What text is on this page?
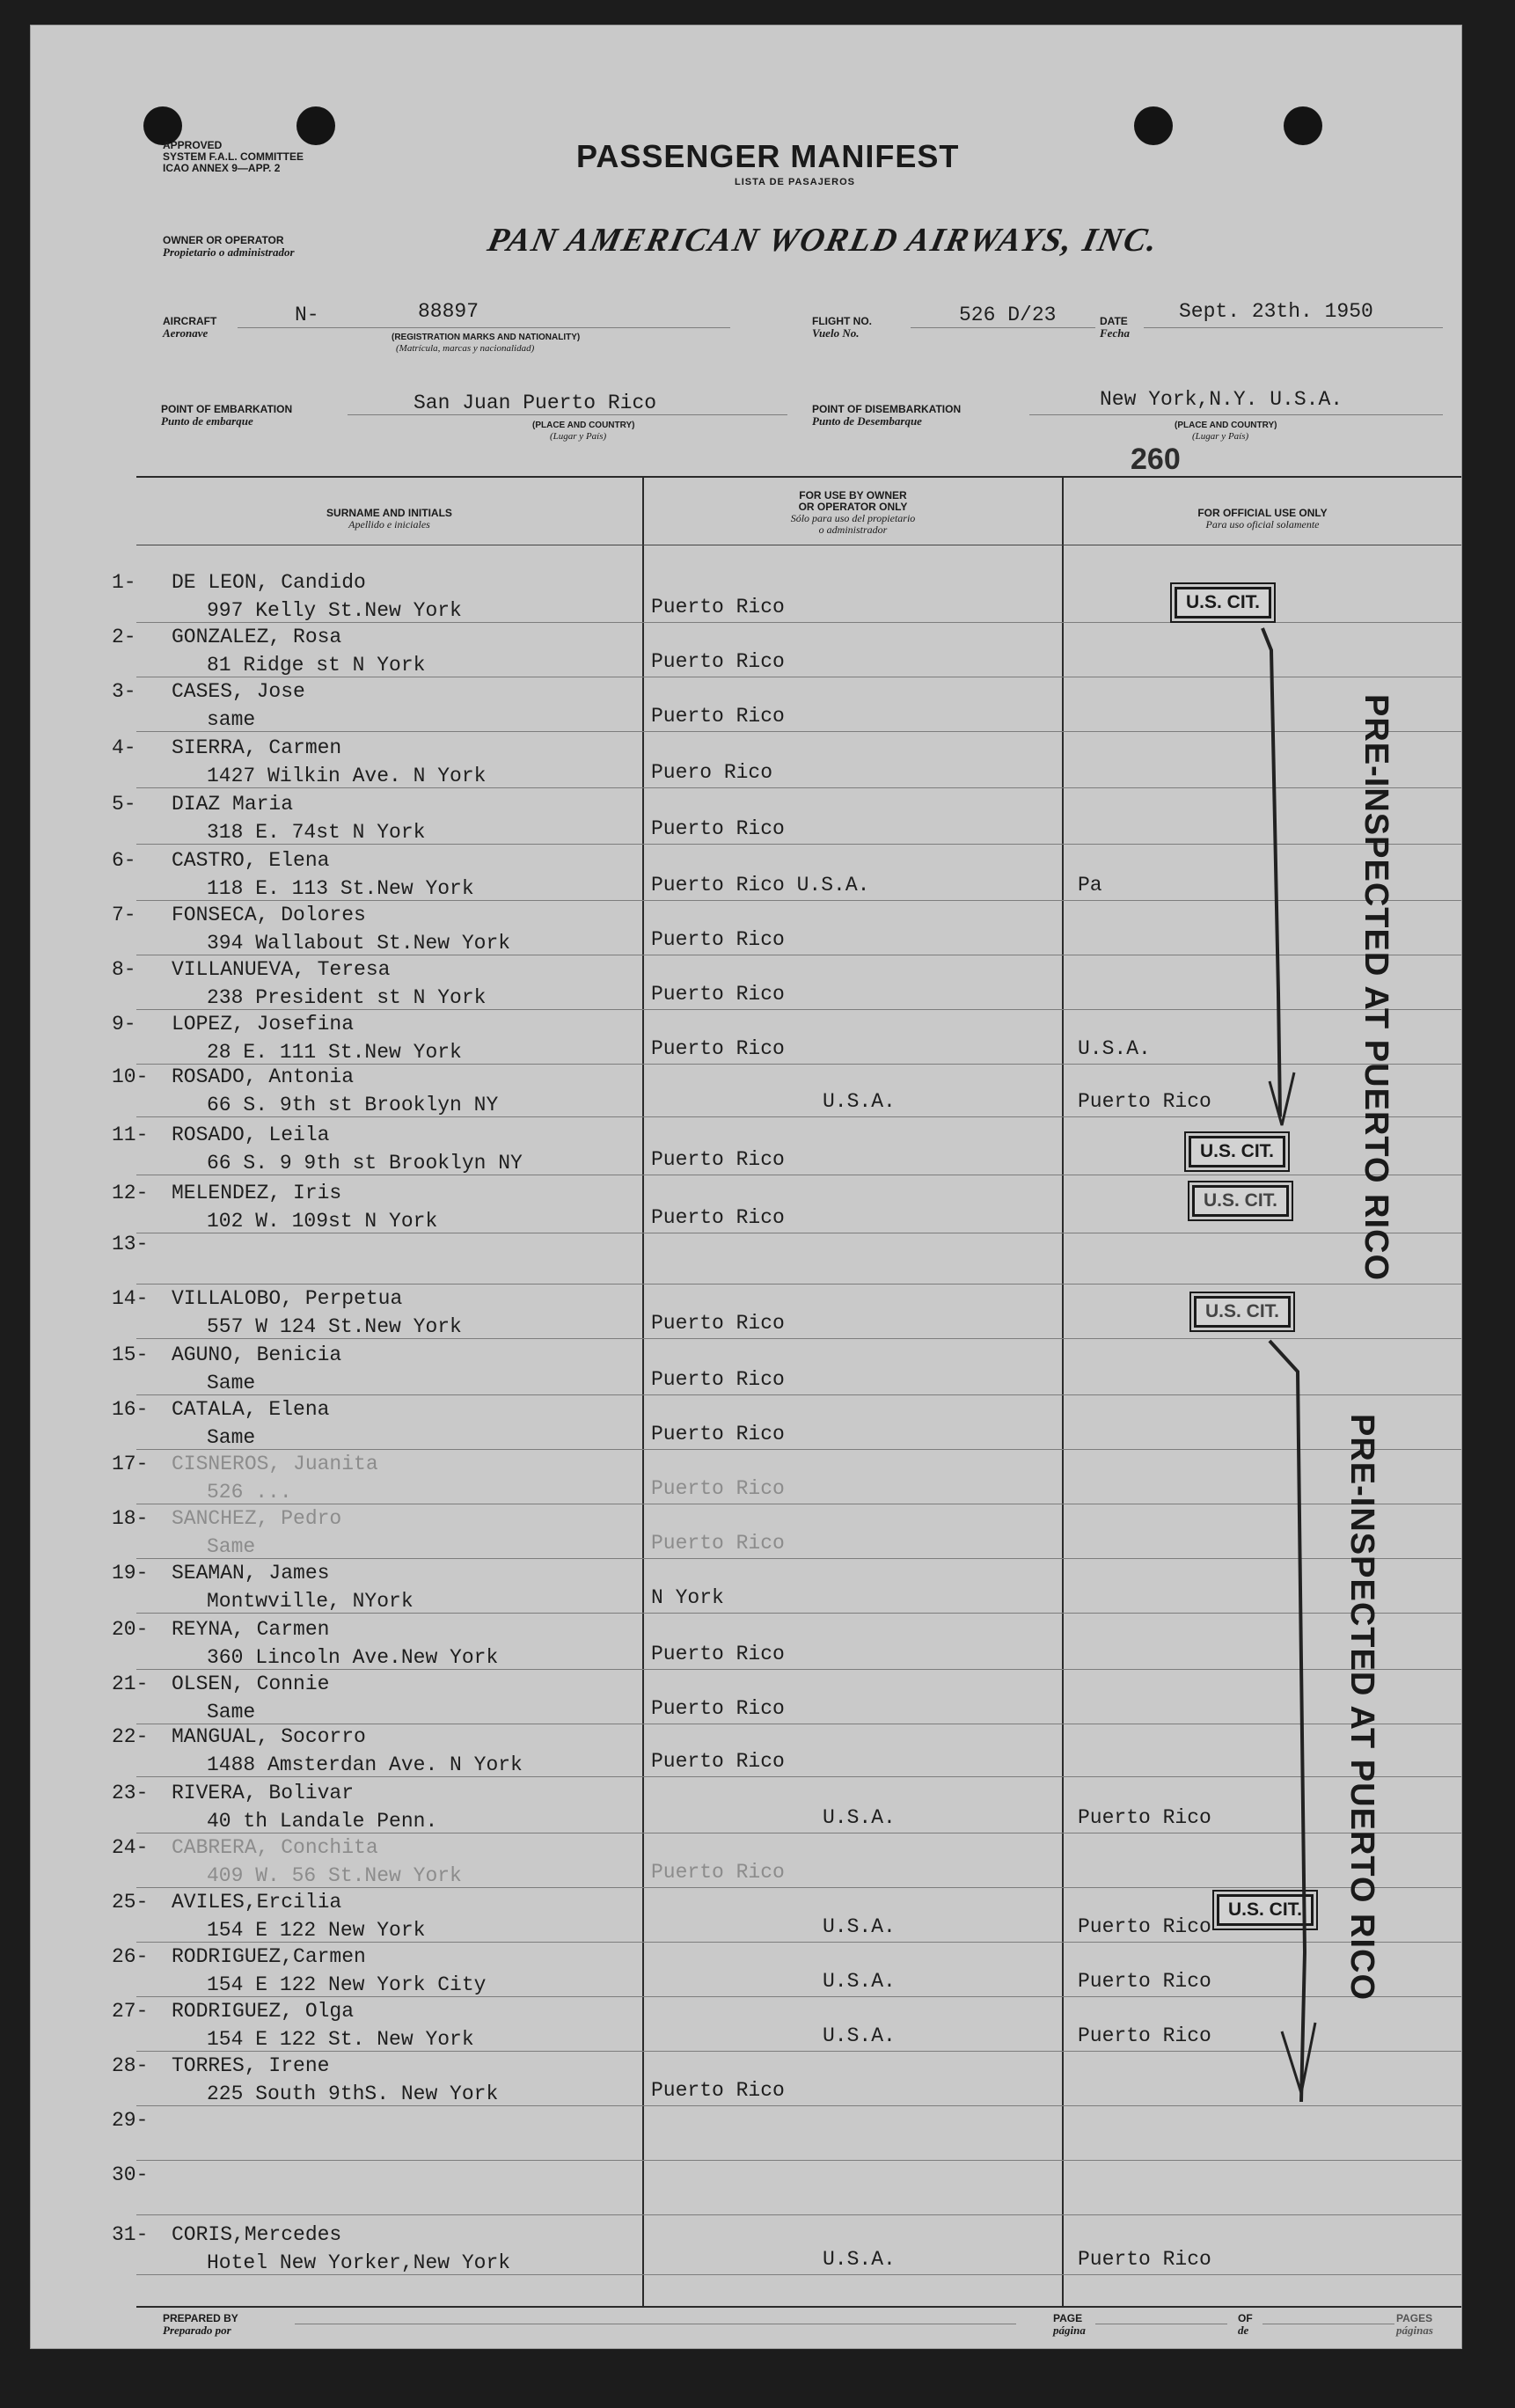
APPROVED
SYSTEM F.A.L. COMMITTEE
ICAO ANNEX 9—APP. 2	PASSENGER MANIFEST
LISTA DE PASAJEROS
OWNER OR OPERATOR
Propietario o administrador	PAN AMERICAN WORLD AIRWAYS, INC.
AIRCRAFT
Aeronave
N-	88897
(REGISTRATION MARKS AND NATIONALITY)
(Matrícula, marcas y nacionalidad)
FLIGHT NO.
Vuelo No.
526 D/23	DATE
Fecha
Sept. 23th. 1950
POINT OF EMBARKATION
Punto de embarque
San Juan Puerto Rico
(PLACE AND COUNTRY)
(Lugar y País)
POINT OF DISEMBARKATION
Punto de Desembarque
New York,N.Y. U.S.A.
(PLACE AND COUNTRY)
(Lugar y País)
260
SURNAME AND INITIALS
Apellido e iniciales
FOR USE BY OWNER
OR OPERATOR ONLY
Sólo para uso del propietario
o administrador
FOR OFFICIAL USE ONLY
Para uso oficial solamente
1- DE LEON, Candido
997 Kelly St.New York	Puerto Rico
2- GONZALEZ, Rosa
81 Ridge st N York	Puerto Rico
3- CASES, Jose
same	Puerto Rico
4- SIERRA, Carmen
1427 Wilkin Ave. N York	Puero Rico
5- DIAZ Maria
318 E. 74st N York	Puerto Rico
6- CASTRO, Elena
118 E. 113 St.New York	Puerto Rico U.S.A.	Pa
7- FONSECA, Dolores
394 Wallabout St.New York	Puerto Rico
8- VILLANUEVA, Teresa
238 President st N York	Puerto Rico
9- LOPEZ, Josefina
28 E. 111 St.New York	Puerto Rico	U.S.A.
10- ROSADO, Antonia
66 S. 9th st Brooklyn NY	U.S.A.	Puerto Rico
11- ROSADO, Leila
66 S. 9 9th st Brooklyn NY	Puerto Rico
12- MELENDEZ, Iris
102 W. 109st N York	Puerto Rico
13-
14- VILLALOBO, Perpetua
557 W 124 St.New York	Puerto Rico
15- AGUNO, Benicia
Same	Puerto Rico
16- CATALA, Elena
Same	Puerto Rico
17- CISNEROS, Juanita
526 ...	Puerto Rico
18- SANCHEZ, Pedro
Same	Puerto Rico
19- SEAMAN, James
Montwville, NYork	N York
20- REYNA, Carmen
360 Lincoln Ave.New York	Puerto Rico
21- OLSEN, Connie
Same	Puerto Rico
22- MANGUAL, Socorro
1488 Amsterdan Ave. N York	Puerto Rico
23- RIVERA, Bolivar
40 th Landale Penn.	U.S.A.	Puerto Rico
24- CABRERA, Conchita
409 W. 56 St.New York	Puerto Rico
25- AVILES,Ercilia
154 E 122 New York	U.S.A.	Puerto Rico
26- RODRIGUEZ,Carmen
154 E 122 New York City	U.S.A.	Puerto Rico
27- RODRIGUEZ, Olga
154 E 122 St. New York	U.S.A.	Puerto Rico
28- TORRES, Irene
225 South 9thS. New York	Puerto Rico
29-
30-
31- CORIS,Mercedes
Hotel New Yorker,New York	U.S.A.	Puerto Rico
U.S. CIT.
U.S. CIT.
U.S. CIT.
U.S. CIT.
U.S. CIT.
PRE-INSPECTED AT PUERTO RICO
PRE-INSPECTED AT PUERTO RICO
PREPARED BY
Preparado por
PAGE
página
OF
de
PAGES
páginas
